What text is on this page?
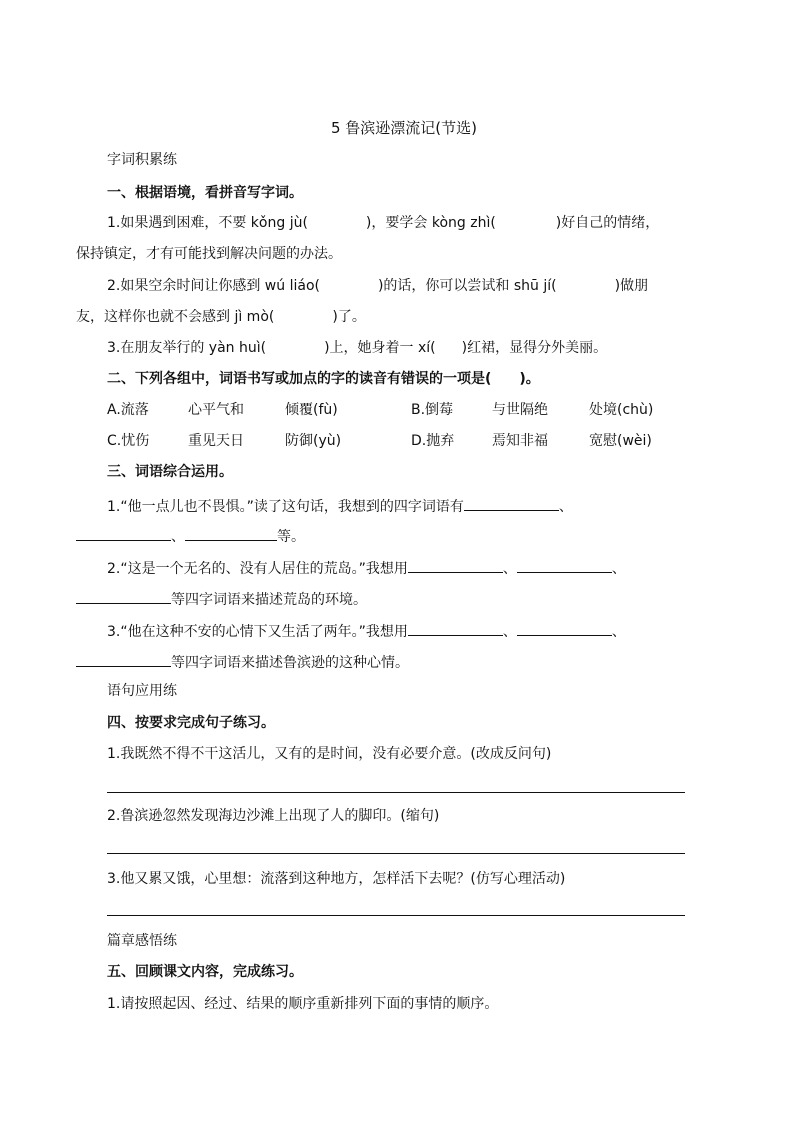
5 鲁滨逊漂流记(节选)
字词积累练
一、根据语境，看拼音写字词。
1.如果遇到困难，不要 kǒng jù(	)，要学会 kòng zhì(	)好自己的情绪，
保持镇定，才有可能找到解决问题的办法。
2.如果空余时间让你感到 wú liáo(	)的话，你可以尝试和 shū jí(	)做朋
友，这样你也就不会感到 jì mò(	)了。
3.在朋友举行的 yàn huì(	)上，她身着一 xí( )红裙，显得分外美丽。
二、下列各组中，词语书写或加点的字的读音有错误的一项是(　　)。
A.流落	心平气和	倾覆(fù)	B.倒莓	与世隔绝	处境(chù)
C.忧伤	重见天日	防御(yù)	D.抛弃	焉知非福	宽慰(wèi)
三、词语综合运用。
1.“他一点儿也不畏惧。”读了这句话，我想到的四字词语有	、
、	等。
2.“这是一个无名的、没有人居住的荒岛。”我想用	、	、
等四字词语来描述荒岛的环境。
3.“他在这种不安的心情下又生活了两年。”我想用	、	、
等四字词语来描述鲁滨逊的这种心情。
语句应用练
四、按要求完成句子练习。
1.我既然不得不干这活儿，又有的是时间，没有必要介意。(改成反问句)
2.鲁滨逊忽然发现海边沙滩上出现了人的脚印。(缩句)
3.他又累又饿，心里想：流落到这种地方，怎样活下去呢？(仿写心理活动)
篇章感悟练
五、回顾课文内容，完成练习。
1.请按照起因、经过、结果的顺序重新排列下面的事情的顺序。
